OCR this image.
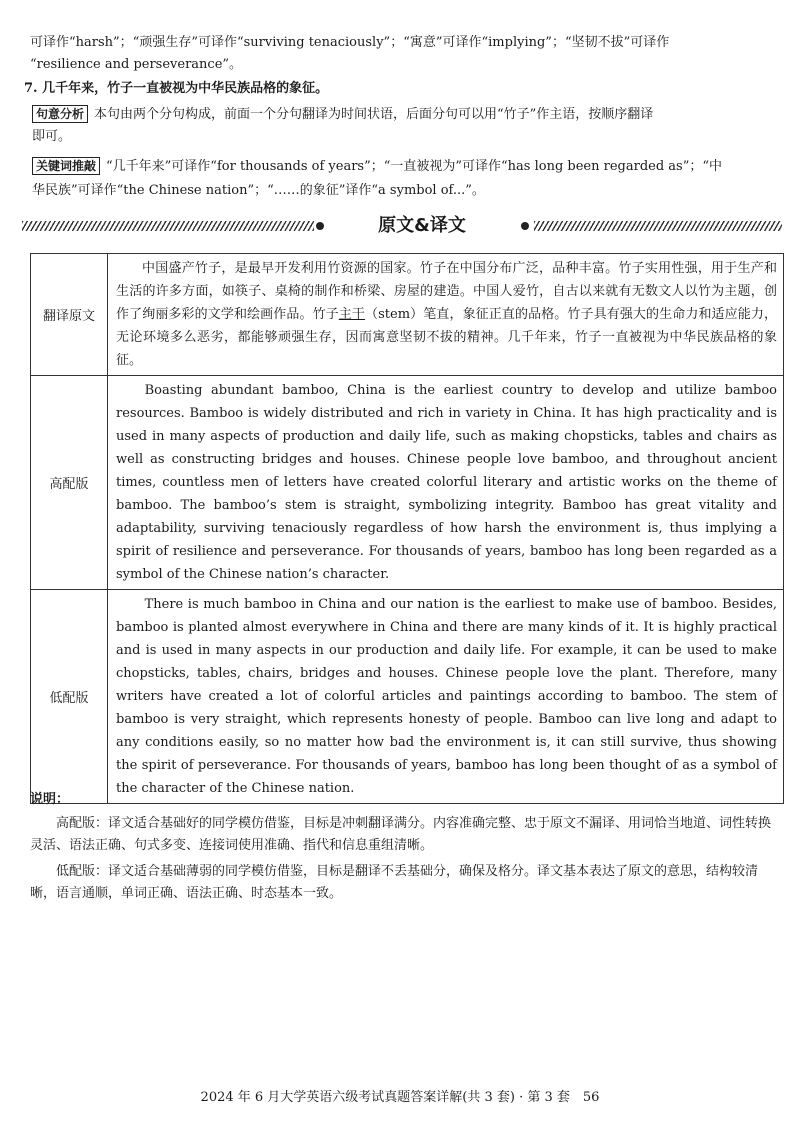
可译作“harsh”；“顽强生存”可译作“surviving tenaciously”；“寓意”可译作“implying”；“坚韧不拔”可译作
“resilience and perseverance”。
7. 几千年来，竹子一直被视为中华民族品格的象征。
句意分析 本句由两个分句构成，前面一个分句翻译为时间状语，后面分句可以用“竹子”作主语，按顺序翻译
即可。
关键词推敲 “几千年来”可译作“for thousands of years”；“一直被视为”可译作“has long been regarded as”；“中
华民族”可译作“the Chinese nation”；“……的象征”译作“a symbol of...”。
原文&译文
翻译原文	中国盛产竹子，是最早开发利用竹资源的国家。竹子在中国分布广泛，品种丰富。竹子实用性强，用于生产和生活的许多方面，如筷子、桌椅的制作和桥梁、房屋的建造。中国人爱竹，自古以来就有无数文人以竹为主题，创作了绚丽多彩的文学和绘画作品。竹子主干（stem）笔直，象征正直的品格。竹子具有强大的生命力和适应能力，无论环境多么恶劣，都能够顽强生存，因而寓意坚韧不拔的精神。几千年来，竹子一直被视为中华民族品格的象征。
高配版	Boasting abundant bamboo, China is the earliest country to develop and utilize bamboo resources. Bamboo is widely distributed and rich in variety in China. It has high practicality and is used in many aspects of production and daily life, such as making chopsticks, tables and chairs as well as constructing bridges and houses. Chinese people love bamboo, and throughout ancient times, countless men of letters have created colorful literary and artistic works on the theme of bamboo. The bamboo’s stem is straight, symbolizing integrity. Bamboo has great vitality and adaptability, surviving tenaciously regardless of how harsh the environment is, thus implying a spirit of resilience and perseverance. For thousands of years, bamboo has long been regarded as a symbol of the Chinese nation’s character.
低配版	There is much bamboo in China and our nation is the earliest to make use of bamboo. Besides, bamboo is planted almost everywhere in China and there are many kinds of it. It is highly practical and is used in many aspects in our production and daily life. For example, it can be used to make chopsticks, tables, chairs, bridges and houses. Chinese people love the plant. Therefore, many writers have created a lot of colorful articles and paintings according to bamboo. The stem of bamboo is very straight, which represents honesty of people. Bamboo can live long and adapt to any conditions easily, so no matter how bad the environment is, it can still survive, thus showing the spirit of perseverance. For thousands of years, bamboo has long been thought of as a symbol of the character of the Chinese nation.
说明：
高配版：译文适合基础好的同学模仿借鉴，目标是冲刺翻译满分。内容准确完整、忠于原文不漏译、用词恰当地道、词性转换灵活、语法正确、句式多变、连接词使用准确、指代和信息重组清晰。
低配版：译文适合基础薄弱的同学模仿借鉴，目标是翻译不丢基础分，确保及格分。译文基本表达了原文的意思，结构较清晰，语言通顺，单词正确、语法正确、时态基本一致。
2024 年 6 月大学英语六级考试真题答案详解(共 3 套) · 第 3 套　56
